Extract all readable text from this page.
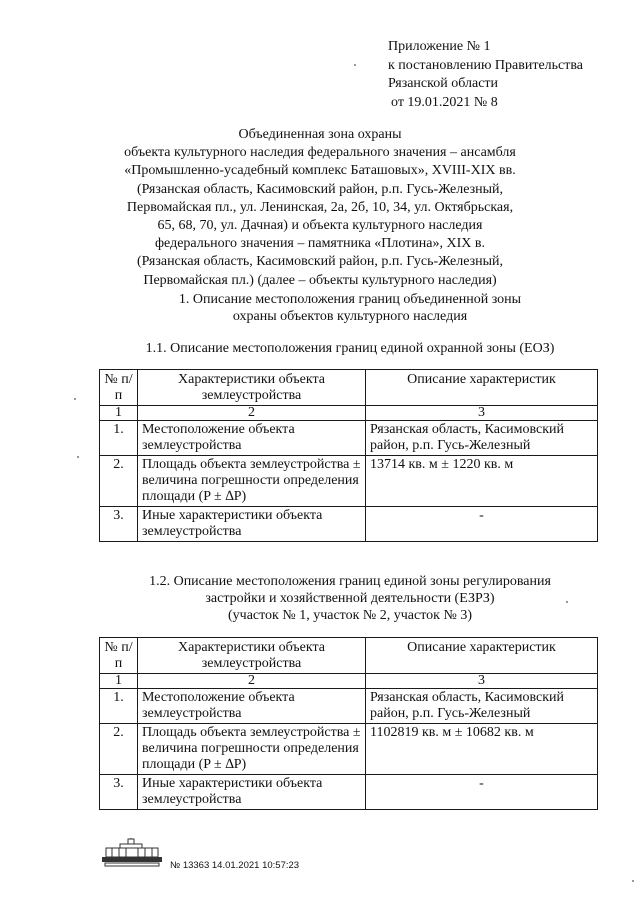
Приложение № 1
к постановлению Правительства
Рязанской области
от 19.01.2021 № 8
Объединенная зона охраны
объекта культурного наследия федерального значения – ансамбля
«Промышленно-усадебный комплекс Баташовых», XVIII-XIX вв.
(Рязанская область, Касимовский район, р.п. Гусь-Железный,
Первомайская пл., ул. Ленинская, 2а, 2б, 10, 34, ул. Октябрьская,
65, 68, 70, ул. Дачная) и объекта культурного наследия
федерального значения – памятника «Плотина», XIX в.
(Рязанская область, Касимовский район, р.п. Гусь-Железный,
Первомайская пл.) (далее – объекты культурного наследия)
1. Описание местоположения границ объединенной зоны
охраны объектов культурного наследия
1.1. Описание местоположения границ единой охранной зоны (ЕОЗ)
№ п/п	Характеристики объекта землеустройства	Описание характеристик
1	2	3
1.	Местоположение объекта землеустройства	Рязанская область, Касимовский район, р.п. Гусь-Железный
2.	Площадь объекта землеустройства ± величина погрешности определения площади (P ± ∆P)	13714 кв. м ± 1220 кв. м
3.	Иные характеристики объекта землеустройства	-
1.2. Описание местоположения границ единой зоны регулирования
застройки и хозяйственной деятельности (ЕЗРЗ)
(участок № 1, участок № 2, участок № 3)
№ п/п	Характеристики объекта землеустройства	Описание характеристик
1	2	3
1.	Местоположение объекта землеустройства	Рязанская область, Касимовский район, р.п. Гусь-Железный
2.	Площадь объекта землеустройства ± величина погрешности определения площади (P ± ∆P)	1102819 кв. м ± 10682 кв. м
3.	Иные характеристики объекта землеустройства	-
№ 13363 14.01.2021 10:57:23
